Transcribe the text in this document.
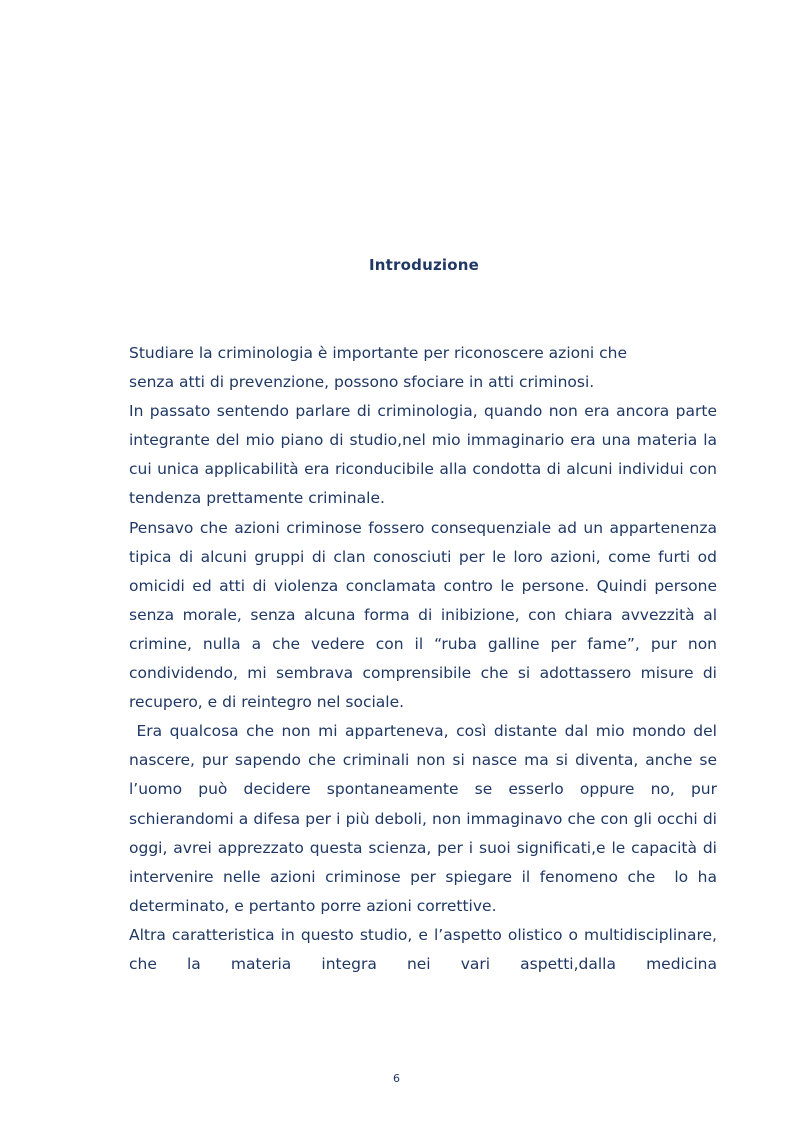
Introduzione

Studiare la criminologia è importante per riconoscere azioni che

senza atti di prevenzione, possono sfociare in atti criminosi.

In passato sentendo parlare di criminologia, quando non era ancora parte integrante del mio piano di studio,nel mio immaginario era una materia la cui unica applicabilità era riconducibile alla condotta di alcuni individui con tendenza prettamente criminale.

Pensavo che azioni criminose fossero consequenziale ad un appartenenza tipica di alcuni gruppi di clan conosciuti per le loro azioni, come furti od omicidi ed atti di violenza conclamata contro le persone. Quindi persone senza morale, senza alcuna forma di inibizione, con chiara avvezzità al crimine, nulla a che vedere con il “ruba galline per fame”, pur non condividendo, mi sembrava comprensibile che si adottassero misure di recupero, e di reintegro nel sociale.

Era qualcosa che non mi apparteneva, così distante dal mio mondo del nascere, pur sapendo che criminali non si nasce ma si diventa, anche se l’uomo può decidere spontaneamente se esserlo oppure no, pur schierandomi a difesa per i più deboli, non immaginavo che con gli occhi di oggi, avrei apprezzato questa scienza, per i suoi significati,e le capacità di intervenire nelle azioni criminose per spiegare il fenomeno che  lo ha determinato, e pertanto porre azioni correttive.

Altra caratteristica in questo studio, e l’aspetto olistico o multidisciplinare, che la materia integra nei vari aspetti,dalla medicina

6
